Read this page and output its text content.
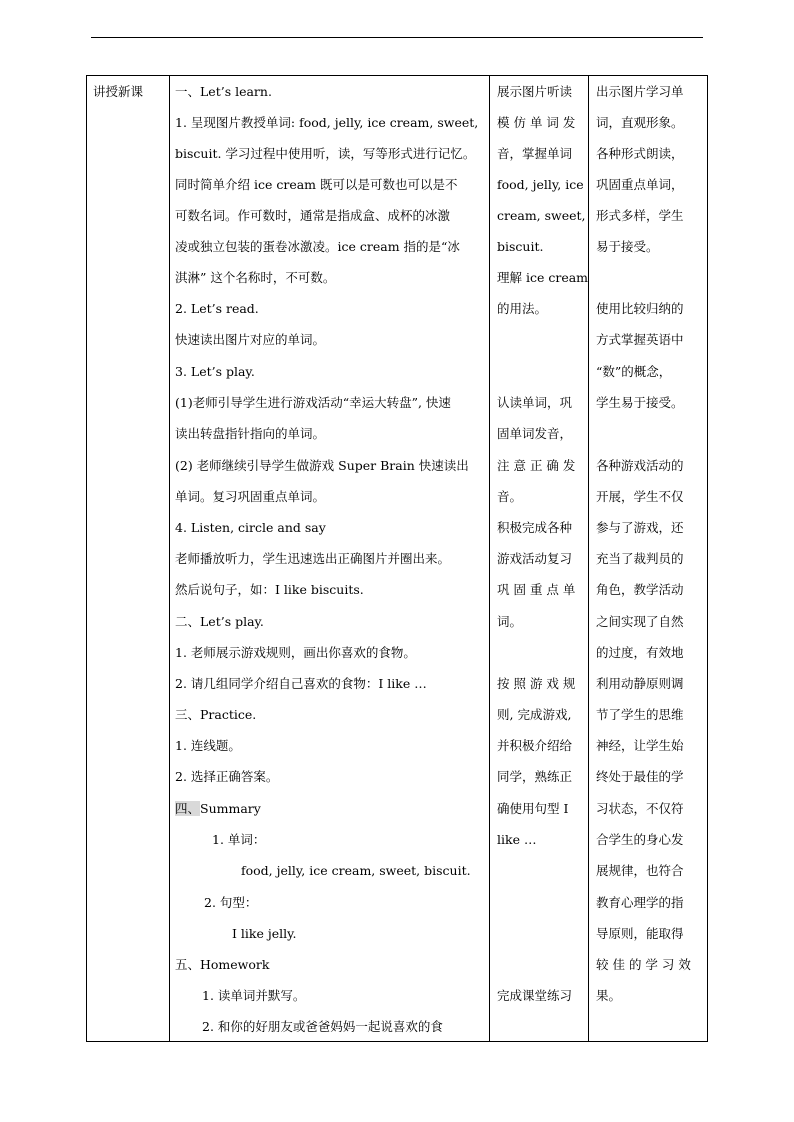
讲授新课	一、Let’s learn.
1. 呈现图片教授单词: food, jelly, ice cream, sweet,
biscuit. 学习过程中使用听，读，写等形式进行记忆。
同时简单介绍 ice cream 既可以是可数也可以是不
可数名词。作可数时，通常是指成盒、成杯的冰激
凌或独立包装的蛋卷冰激凌。ice cream 指的是“冰
淇淋” 这个名称时，不可数。
2. Let’s read.
快速读出图片对应的单词。
3. Let’s play.
(1)老师引导学生进行游戏活动“幸运大转盘”, 快速
读出转盘指针指向的单词。
(2) 老师继续引导学生做游戏 Super Brain 快速读出
单词。复习巩固重点单词。
4. Listen, circle and say
老师播放听力，学生迅速选出正确图片并圈出来。
然后说句子，如：I like biscuits.
二、Let’s play.
1. 老师展示游戏规则，画出你喜欢的食物。
2. 请几组同学介绍自己喜欢的食物：I like …
三、Practice.
1. 连线题。
2. 选择正确答案。
四、Summary
1. 单词：
food, jelly, ice cream, sweet, biscuit.
2. 句型：
I like jelly.
五、Homework
1. 读单词并默写。
2. 和你的好朋友或爸爸妈妈一起说喜欢的食
展示图片听读
模 仿 单 词 发
音，掌握单词
food, jelly, ice
cream, sweet,
biscuit.
理解 ice cream
的用法。
认读单词，巩
固单词发音，
注 意 正 确 发
音。
积极完成各种
游戏活动复习
巩 固 重 点 单
词。
按 照 游 戏 规
则, 完成游戏,
并积极介绍给
同学，熟练正
确使用句型 I
like …
完成课堂练习
出示图片学习单
词，直观形象。
各种形式朗读，
巩固重点单词，
形式多样，学生
易于接受。
使用比较归纳的
方式掌握英语中
“数”的概念，
学生易于接受。
各种游戏活动的
开展，学生不仅
参与了游戏，还
充当了裁判员的
角色，教学活动
之间实现了自然
的过度，有效地
利用动静原则调
节了学生的思维
神经，让学生始
终处于最佳的学
习状态，不仅符
合学生的身心发
展规律，也符合
教育心理学的指
导原则，能取得
较 佳 的 学 习 效
果。
